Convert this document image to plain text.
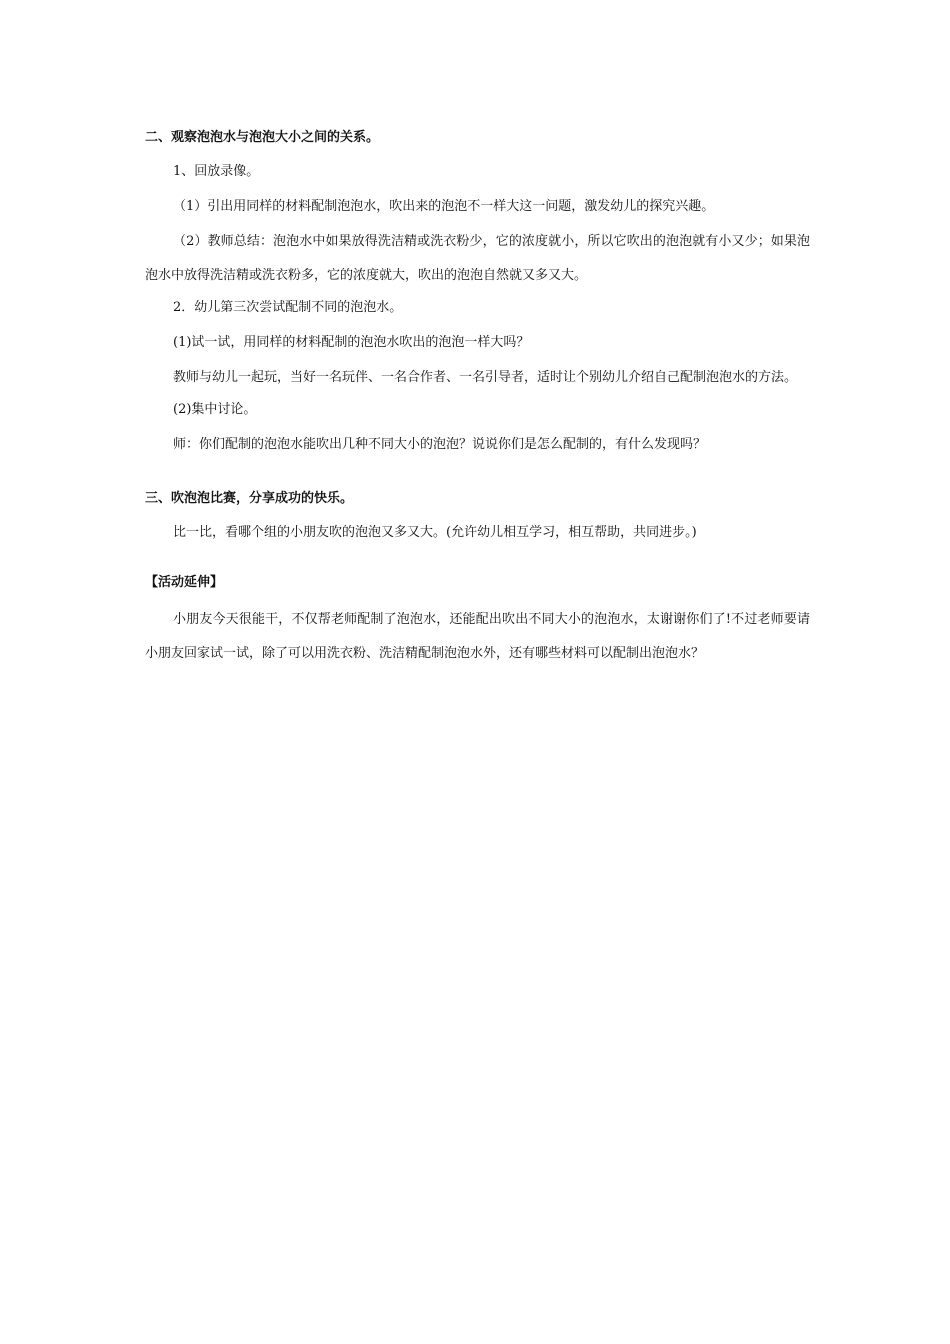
二、观察泡泡水与泡泡大小之间的关系。

1、回放录像。

（1）引出用同样的材料配制泡泡水，吹出来的泡泡不一样大这一问题，激发幼儿的探究兴趣。

（2）教师总结：泡泡水中如果放得洗洁精或洗衣粉少，它的浓度就小，所以它吹出的泡泡就有小又少；如果泡泡水中放得洗洁精或洗衣粉多，它的浓度就大，吹出的泡泡自然就又多又大。

2．幼儿第三次尝试配制不同的泡泡水。

(1)试一试，用同样的材料配制的泡泡水吹出的泡泡一样大吗？

教师与幼儿一起玩，当好一名玩伴、一名合作者、一名引导者，适时让个别幼儿介绍自己配制泡泡水的方法。

(2)集中讨论。

师：你们配制的泡泡水能吹出几种不同大小的泡泡？说说你们是怎么配制的，有什么发现吗？

三、吹泡泡比赛，分享成功的快乐。

比一比，看哪个组的小朋友吹的泡泡又多又大。(允许幼儿相互学习，相互帮助，共同进步。)

【活动延伸】

小朋友今天很能干，不仅帮老师配制了泡泡水，还能配出吹出不同大小的泡泡水，太谢谢你们了!不过老师要请小朋友回家试一试，除了可以用洗衣粉、洗洁精配制泡泡水外，还有哪些材料可以配制出泡泡水？
